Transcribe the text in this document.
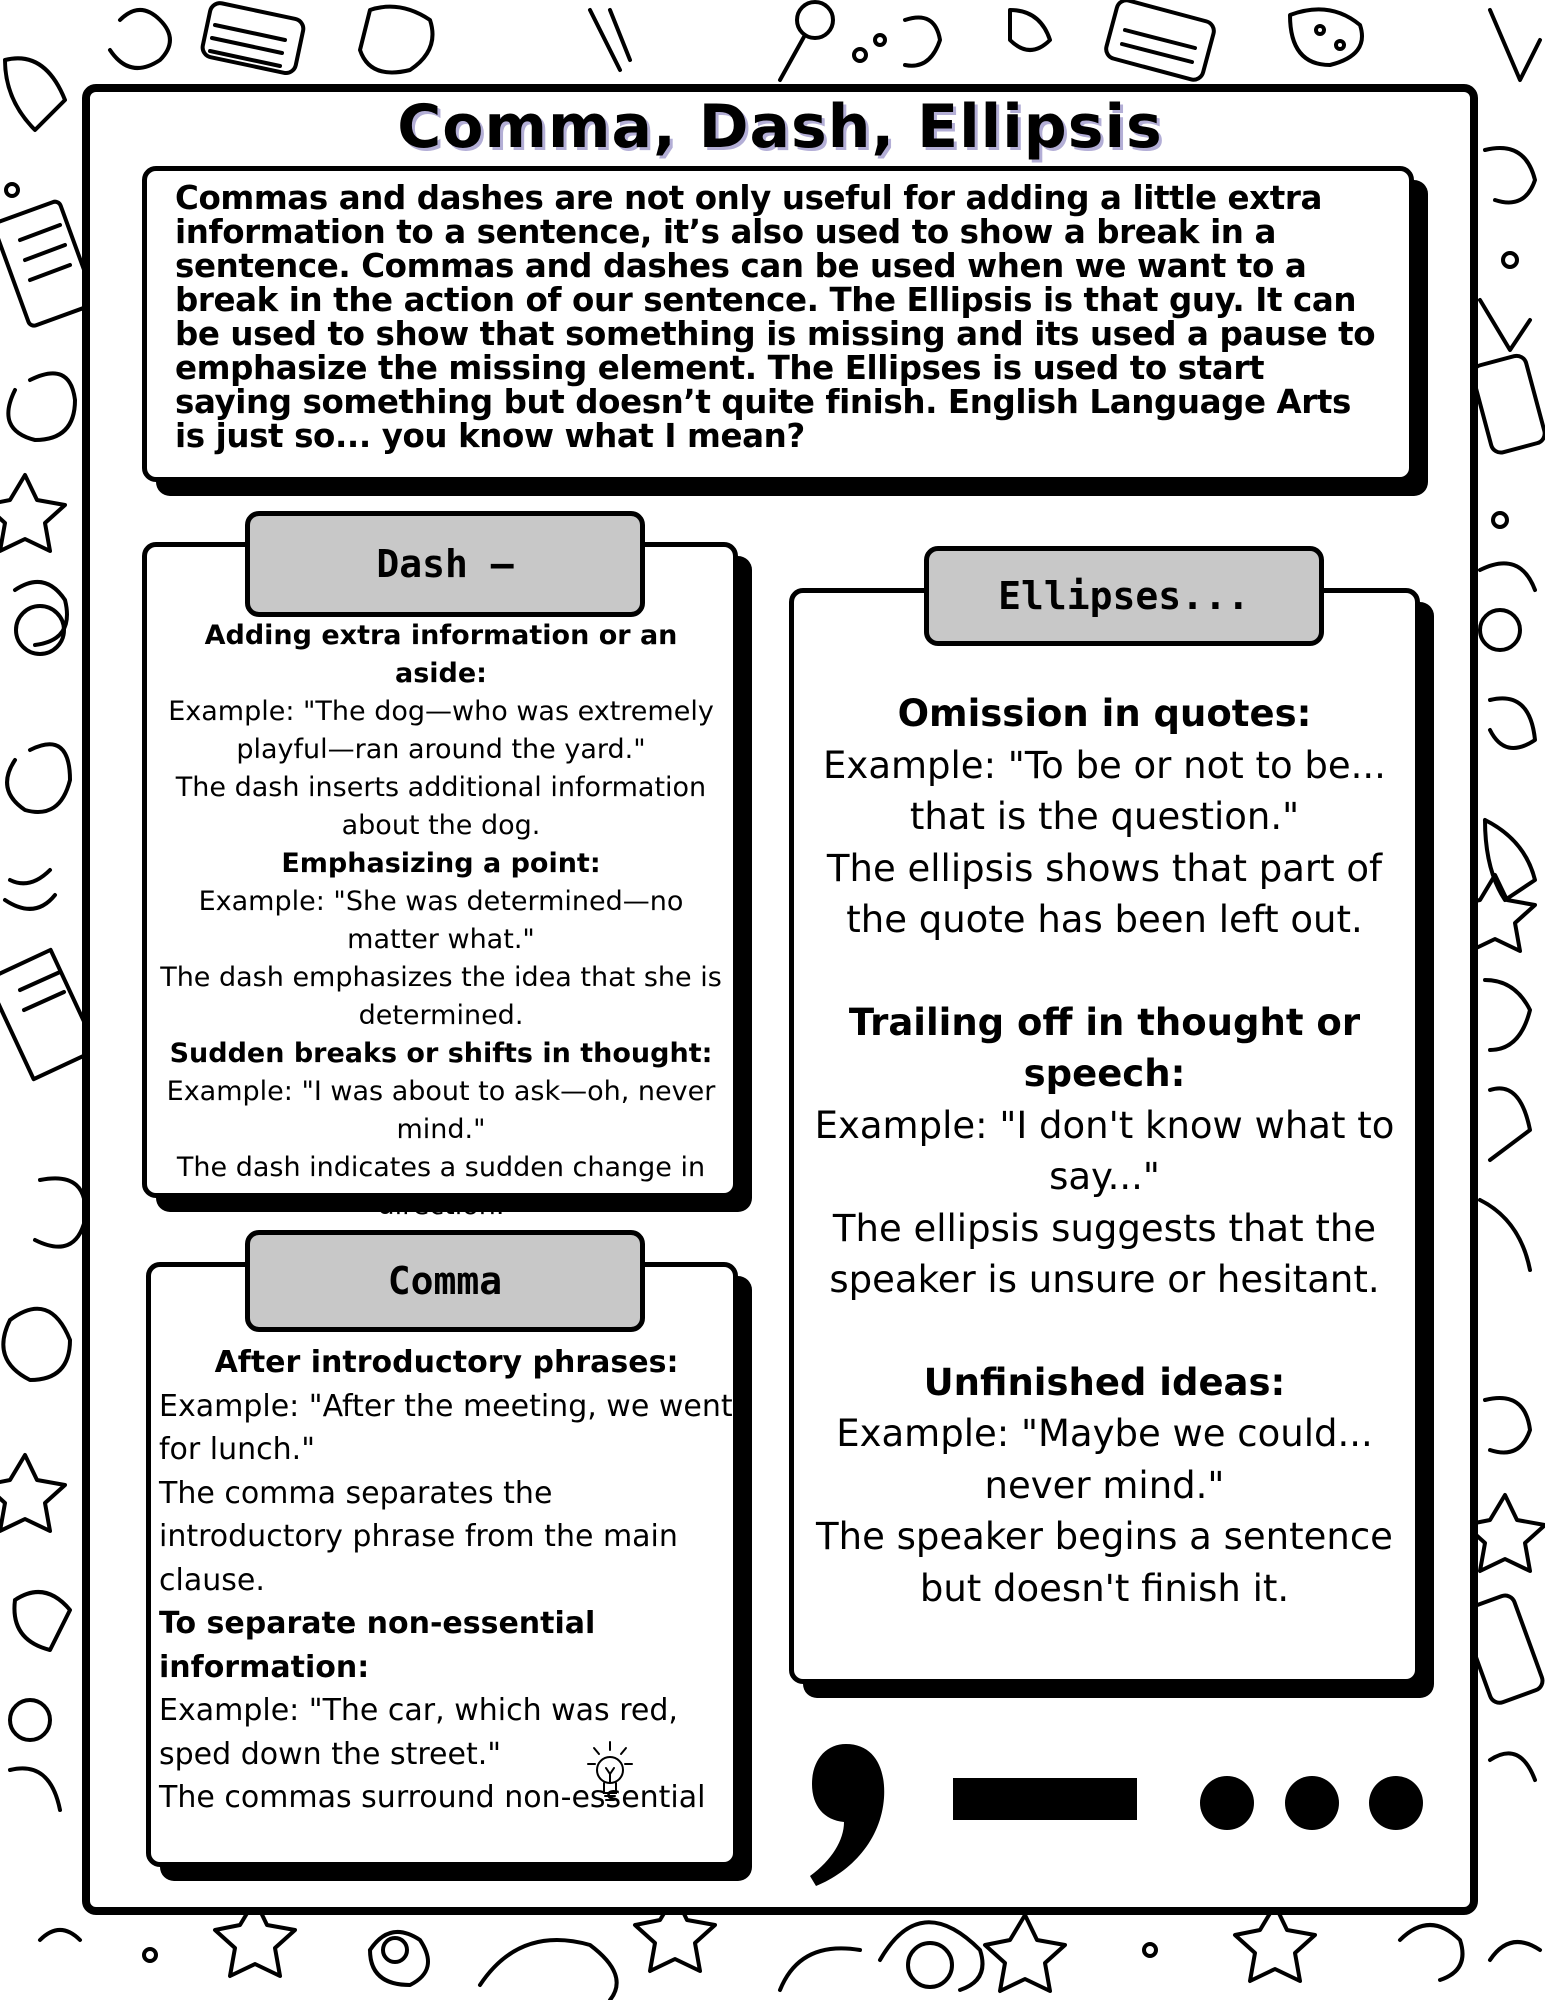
Comma, Dash, Ellipsis
Commas and dashes are not only useful for adding a little extra information to a sentence, it’s also used to show a break in a sentence. Commas and dashes can be used when we want to a break in the action of our sentence. The Ellipsis is that guy. It can be used to show that something is missing and its used a pause to emphasize the missing element. The Ellipses is used to start saying something but doesn’t quite finish. English Language Arts is just so... you know what I mean?
Adding extra information or an aside:
Example: "The dog—who was extremely playful—ran around the yard."
The dash inserts additional information about the dog.
Emphasizing a point:
Example: "She was determined—no matter what."
The dash emphasizes the idea that she is determined.
Sudden breaks or shifts in thought:
Example: "I was about to ask—oh, never mind."
The dash indicates a sudden change in direction.
Dash –
After introductory phrases:
Example: "After the meeting, we went for lunch."
The comma separates the introductory phrase from the main clause.
To separate non-essential information:
Example: "The car, which was red, sped down the street."
The commas surround non-essential
Comma
Omission in quotes:
Example: "To be or not to be... that is the question."
The ellipsis shows that part of the quote has been left out.
Trailing off in thought or speech:
Example: "I don't know what to say..."
The ellipsis suggests that the speaker is unsure or hesitant.
Unfinished ideas:
Example: "Maybe we could... never mind."
The speaker begins a sentence but doesn't finish it.
Ellipses...
